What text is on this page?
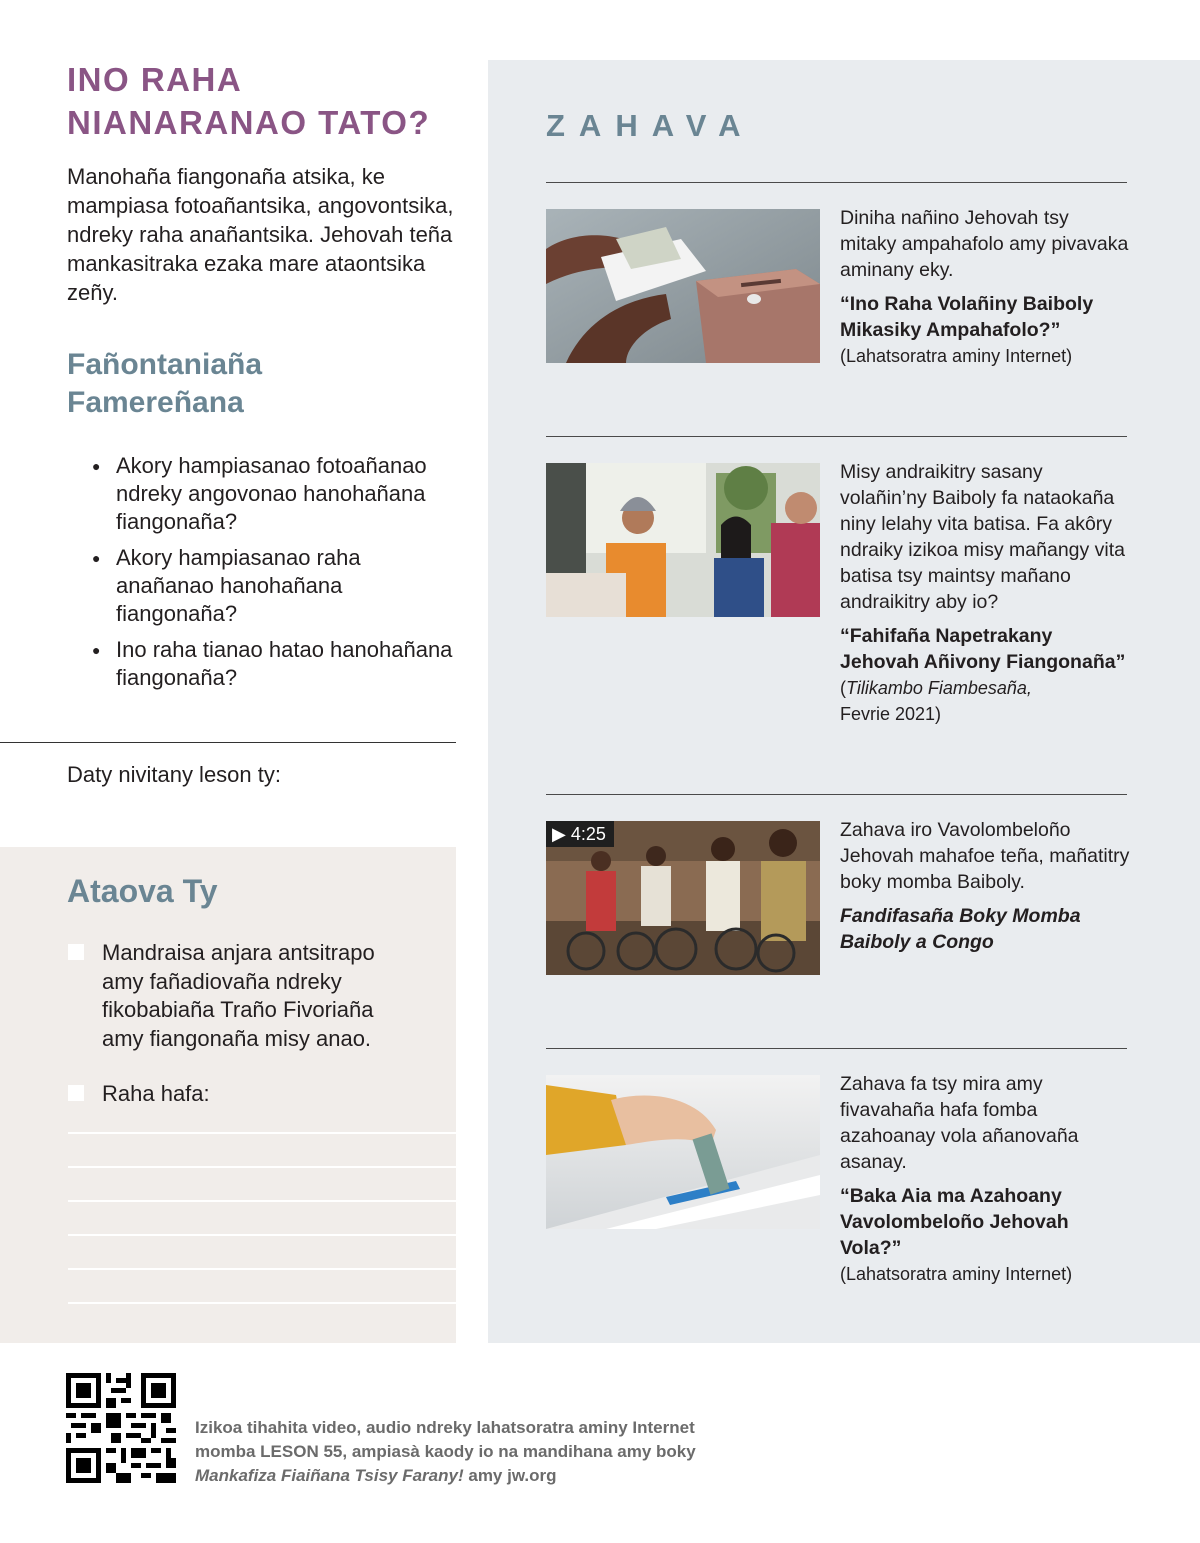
INO RAHA
NIANARANAO TATO?

Manohaña fiangonaña atsika, ke mampiasa fotoañantsika, angovontsika, ndreky raha anañantsika. Jehovah teña mankasitraka ezaka mare ataontsika zeñy.

Fañontaniaña
Famereñana
● Akory hampiasanao fotoañanao ndreky angovonao hanohañana fiangonaña?
● Akory hampiasanao raha anañanao hanohañana fiangonaña?
● Ino raha tianao hatao hanohañana fiangonaña?
Daty nivitany leson ty:
Ataova Ty
Mandraisa anjara antsitrapo amy fañadiovaña ndreky fikobabiaña Traño Fivoriaña amy fiangonaña misy anao.
Raha hafa:
ZAHAVA

Diniha nañino Jehovah tsy mitaky ampahafolo amy pivavaka aminany eky.

“Ino Raha Volañiny Baiboly Mikasiky Ampahafolo?”

(Lahatsoratra aminy Internet)

Misy andraikitry sasany volañin’ny Baiboly fa nataokaña niny lelahy vita batisa. Fa akôry ndraiky izikoa misy mañangy vita batisa tsy maintsy mañano andraikitry aby io?

“Fahifaña Napetrakany Jehovah Añivony Fiangonaña”

(Tilikambo Fiambesaña,
Fevrie 2021)

▶ 4:25	Zahava iro Vavolombeloño Jehovah mahafoe teña, mañatitry boky momba Baiboly.

Fandifasaña Boky Momba Baiboly a Congo

Zahava fa tsy mira amy fivavahaña hafa fomba azahoanay vola añanovaña asanay.

“Baka Aia ma Azahoany Vavolombeloño Jehovah Vola?”

(Lahatsoratra aminy Internet)

Izikoa tihahita video, audio ndreky lahatsoratra aminy Internet
momba LESON 55, ampiasà kaody io na mandihana amy boky
Mankafiza Fiaiñana Tsisy Farany! amy jw.org
